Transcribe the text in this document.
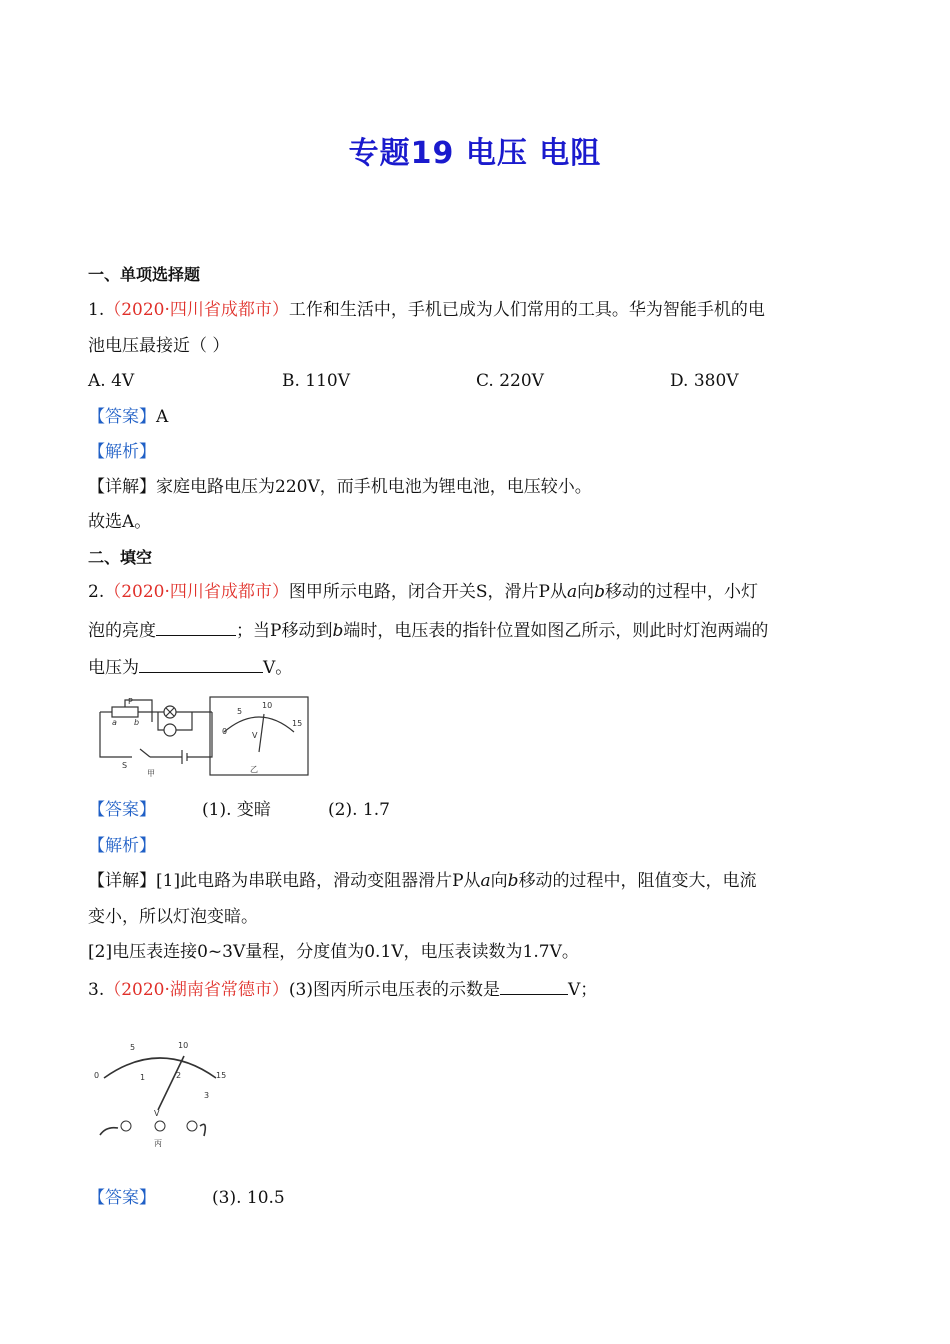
专题19 电压 电阻
一、单项选择题
1.（2020·四川省成都市）工作和生活中，手机已成为人们常用的工具。华为智能手机的电
池电压最接近（ ）
A. 4V	B. 110V	C. 220V	D. 380V
【答案】A
【解析】
【详解】家庭电路电压为220V，而手机电池为锂电池，电压较小。
故选A。
二、填空
2.（2020·四川省成都市）图甲所示电路，闭合开关S，滑片P从a向b移动的过程中，小灯
泡的亮度	；当P移动到b端时，电压表的指针位置如图乙所示，则此时灯泡两端的
电压为	V。
P
a b
S
甲
0
5
10
15
V
乙
【答案】	(1). 变暗	(2). 1.7
【解析】
【详解】[1]此电路为串联电路，滑动变阻器滑片P从a向b移动的过程中，阻值变大，电流
变小，所以灯泡变暗。
[2]电压表连接0~3V量程，分度值为0.1V，电压表读数为1.7V。
3.（2020·湖南省常德市）(3)图丙所示电压表的示数是	V；
0
5	10
15
1	2
3
V
丙
【答案】	(3). 10.5
